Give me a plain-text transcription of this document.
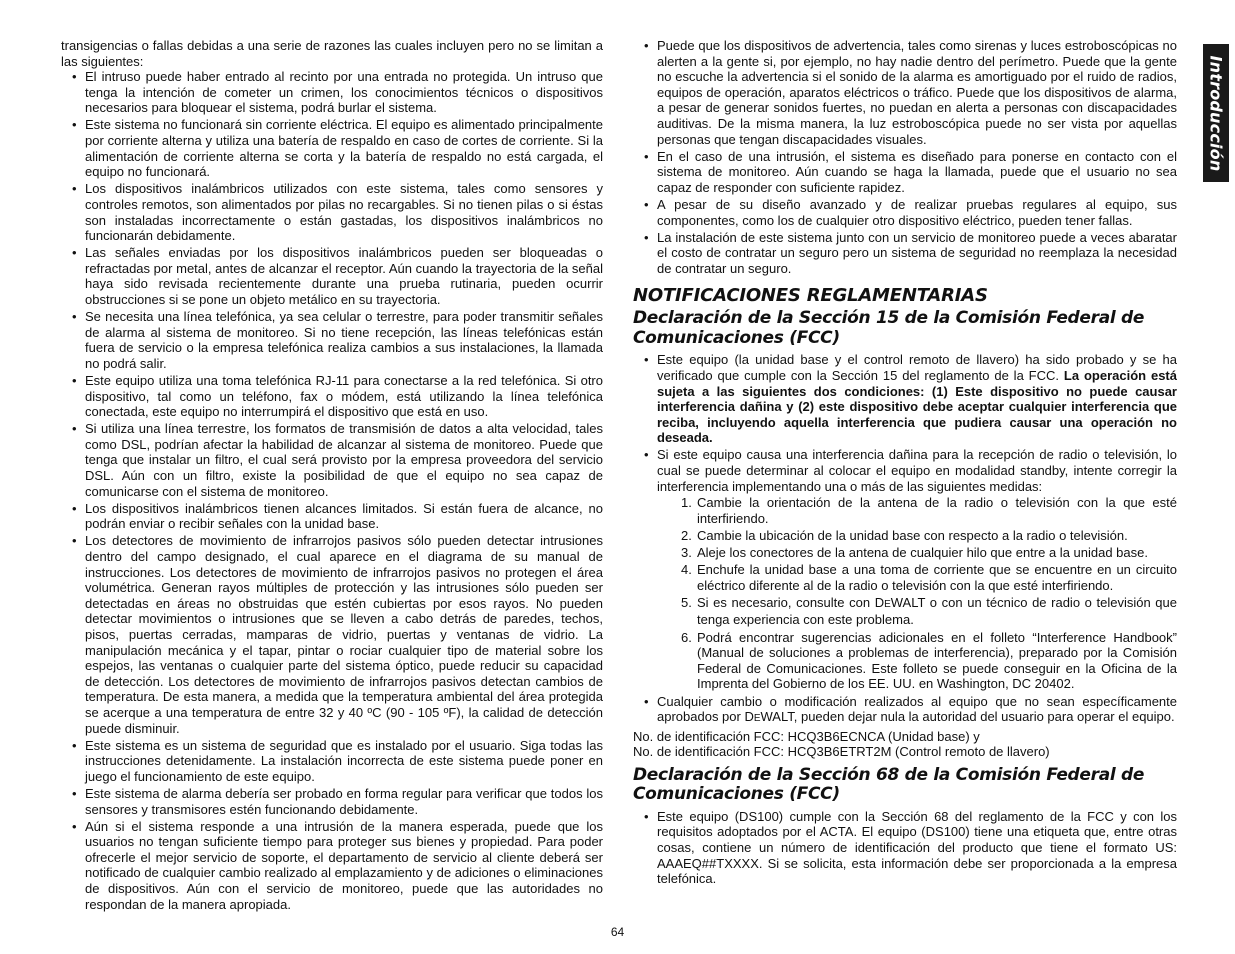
transigencias o fallas debidas a una serie de razones las cuales incluyen pero no se limitan a las siguientes:

• El intruso puede haber entrado al recinto por una entrada no protegida. Un intruso que tenga la intención de cometer un crimen, los conocimientos técnicos o dispositivos necesarios para bloquear el sistema, podrá burlar el sistema.
• Este sistema no funcionará sin corriente eléctrica. El equipo es alimentado principalmente por corriente alterna y utiliza una batería de respaldo en caso de cortes de corriente. Si la alimentación de corriente alterna se corta y la batería de respaldo no está cargada, el equipo no funcionará.
• Los dispositivos inalámbricos utilizados con este sistema, tales como sensores y controles remotos, son alimentados por pilas no recargables. Si no tienen pilas o si éstas son instaladas incorrectamente o están gastadas, los dispositivos inalámbricos no funcionarán debidamente.
• Las señales enviadas por los dispositivos inalámbricos pueden ser bloqueadas o refractadas por metal, antes de alcanzar el receptor. Aún cuando la trayectoria de la señal haya sido revisada recientemente durante una prueba rutinaria, pueden ocurrir obstrucciones si se pone un objeto metálico en su trayectoria.
• Se necesita una línea telefónica, ya sea celular o terrestre, para poder transmitir señales de alarma al sistema de monitoreo. Si no tiene recepción, las líneas telefónicas están fuera de servicio o la empresa telefónica realiza cambios a sus instalaciones, la llamada no podrá salir.
• Este equipo utiliza una toma telefónica RJ-11 para conectarse a la red telefónica. Si otro dispositivo, tal como un teléfono, fax o módem, está utilizando la línea telefónica conectada, este equipo no interrumpirá el dispositivo que está en uso.
• Si utiliza una línea terrestre, los formatos de transmisión de datos a alta velocidad, tales como DSL, podrían afectar la habilidad de alcanzar al sistema de monitoreo. Puede que tenga que instalar un filtro, el cual será provisto por la empresa proveedora del servicio DSL. Aún con un filtro, existe la posibilidad de que el equipo no sea capaz de comunicarse con el sistema de monitoreo.
• Los dispositivos inalámbricos tienen alcances limitados. Si están fuera de alcance, no podrán enviar o recibir señales con la unidad base.
• Los detectores de movimiento de infrarrojos pasivos sólo pueden detectar intrusiones dentro del campo designado, el cual aparece en el diagrama de su manual de instrucciones. Los detectores de movimiento de infrarrojos pasivos no protegen el área volumétrica. Generan rayos múltiples de protección y las intrusiones sólo pueden ser detectadas en áreas no obstruidas que estén cubiertas por esos rayos. No pueden detectar movimientos o intrusiones que se lleven a cabo detrás de paredes, techos, pisos, puertas cerradas, mamparas de vidrio, puertas y ventanas de vidrio. La manipulación mecánica y el tapar, pintar o rociar cualquier tipo de material sobre los espejos, las ventanas o cualquier parte del sistema óptico, puede reducir su capacidad de detección. Los detectores de movimiento de infrarrojos pasivos detectan cambios de temperatura. De esta manera, a medida que la temperatura ambiental del área protegida se acerque a una temperatura de entre 32 y 40 ºC (90 - 105 ºF), la calidad de detección puede disminuir.
• Este sistema es un sistema de seguridad que es instalado por el usuario. Siga todas las instrucciones detenidamente. La instalación incorrecta de este sistema puede poner en juego el funcionamiento de este equipo.
• Este sistema de alarma debería ser probado en forma regular para verificar que todos los sensores y transmisores estén funcionando debidamente.
• Aún si el sistema responde a una intrusión de la manera esperada, puede que los usuarios no tengan suficiente tiempo para proteger sus bienes y propiedad. Para poder ofrecerle el mejor servicio de soporte, el departamento de servicio al cliente deberá ser notificado de cualquier cambio realizado al emplazamiento y de adiciones o eliminaciones de dispositivos. Aún con el servicio de monitoreo, puede que las autoridades no respondan de la manera apropiada.
• Puede que los dispositivos de advertencia, tales como sirenas y luces estroboscópicas no alerten a la gente si, por ejemplo, no hay nadie dentro del perímetro. Puede que la gente no escuche la advertencia si el sonido de la alarma es amortiguado por el ruido de radios, equipos de operación, aparatos eléctricos o tráfico. Puede que los dispositivos de alarma, a pesar de generar sonidos fuertes, no puedan en alerta a personas con discapacidades auditivas. De la misma manera, la luz estroboscópica puede no ser vista por aquellas personas que tengan discapacidades visuales.
• En el caso de una intrusión, el sistema es diseñado para ponerse en contacto con el sistema de monitoreo. Aún cuando se haga la llamada, puede que el usuario no sea capaz de responder con suficiente rapidez.
• A pesar de su diseño avanzado y de realizar pruebas regulares al equipo, sus componentes, como los de cualquier otro dispositivo eléctrico, pueden tener fallas.
• La instalación de este sistema junto con un servicio de monitoreo puede a veces abaratar el costo de contratar un seguro pero un sistema de seguridad no reemplaza la necesidad de contratar un seguro.
NOTIFICACIONES REGLAMENTARIAS
Declaración de la Sección 15 de la Comisión Federal de Comunicaciones (FCC)
• Este equipo (la unidad base y el control remoto de llavero) ha sido probado y se ha verificado que cumple con la Sección 15 del reglamento de la FCC. La operación está sujeta a las siguientes dos condiciones: (1) Este dispositivo no puede causar interferencia dañina y (2) este dispositivo debe aceptar cualquier interferencia que reciba, incluyendo aquella interferencia que pudiera causar una operación no deseada.
• Si este equipo causa una interferencia dañina para la recepción de radio o televisión, lo cual se puede determinar al colocar el equipo en modalidad standby, intente corregir la interferencia implementando una o más de las siguientes medidas:
1. Cambie la orientación de la antena de la radio o televisión con la que esté interfiriendo.
2. Cambie la ubicación de la unidad base con respecto a la radio o televisión.
3. Aleje los conectores de la antena de cualquier hilo que entre a la unidad base.
4. Enchufe la unidad base a una toma de corriente que se encuentre en un circuito eléctrico diferente al de la radio o televisión con la que esté interfiriendo.
5. Si es necesario, consulte con DEWALT o con un técnico de radio o televisión que tenga experiencia con este problema.
6. Podrá encontrar sugerencias adicionales en el folleto “Interference Handbook” (Manual de soluciones a problemas de interferencia), preparado por la Comisión Federal de Comunicaciones. Este folleto se puede conseguir en la Oficina de la Imprenta del Gobierno de los EE. UU. en Washington, DC 20402.
• Cualquier cambio o modificación realizados al equipo que no sean específicamente aprobados por DEWALT, pueden dejar nula la autoridad del usuario para operar el equipo.

No. de identificación FCC: HCQ3B6ECNCA (Unidad base) y

No. de identificación FCC: HCQ3B6ETRT2M (Control remoto de llavero)

Declaración de la Sección 68 de la Comisión Federal de Comunicaciones (FCC)
• Este equipo (DS100) cumple con la Sección 68 del reglamento de la FCC y con los requisitos adoptados por el ACTA. El equipo (DS100) tiene una etiqueta que, entre otras cosas, contiene un número de identificación del producto que tiene el formato US: AAAEQ##TXXXX. Si se solicita, esta información debe ser proporcionada a la empresa telefónica.
Introducción
64
